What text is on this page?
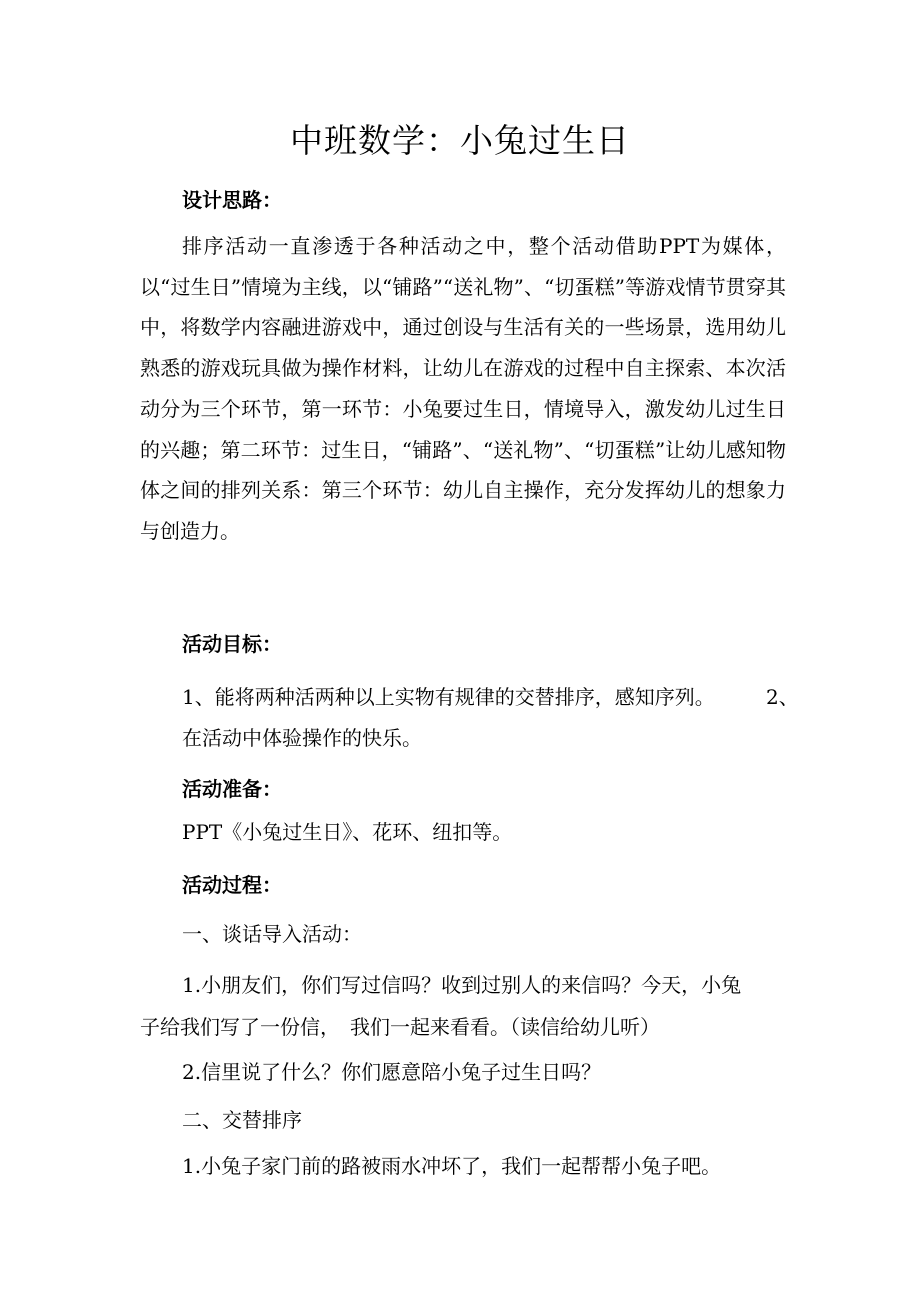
中班数学：小兔过生日
设计思路：
排序活动一直渗透于各种活动之中，整个活动借助PPT为媒体，以“过生日”情境为主线，以“铺路”“送礼物”、“切蛋糕”等游戏情节贯穿其中，将数学内容融进游戏中，通过创设与生活有关的一些场景，选用幼儿熟悉的游戏玩具做为操作材料，让幼儿在游戏的过程中自主探索、本次活动分为三个环节，第一环节：小兔要过生日，情境导入，激发幼儿过生日的兴趣；第二环节：过生日，“铺路”、“送礼物”、“切蛋糕”让幼儿感知物体之间的排列关系：第三个环节：幼儿自主操作，充分发挥幼儿的想象力与创造力。
活动目标：
1、能将两种活两种以上实物有规律的交替排序，感知序列。	2、
在活动中体验操作的快乐。
活动准备：
PPT《小兔过生日》、花环、纽扣等。
活动过程：
一、谈话导入活动：
1.小朋友们，你们写过信吗？收到过别人的来信吗？今天，小兔
子给我们写了一份信，　我们一起来看看。（读信给幼儿听）
2.信里说了什么？你们愿意陪小兔子过生日吗？
二、交替排序
1.小兔子家门前的路被雨水冲坏了，我们一起帮帮小兔子吧。
